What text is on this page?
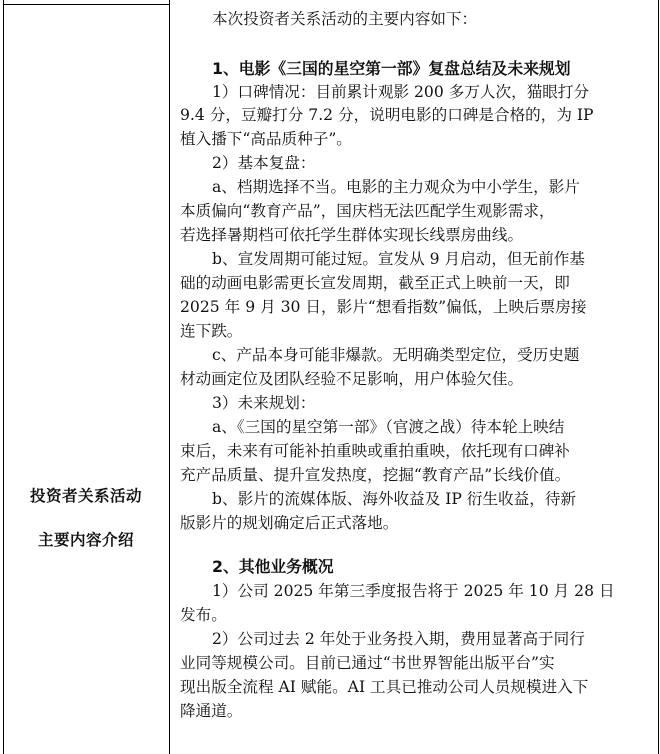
投资者关系活动
主要内容介绍
本次投资者关系活动的主要内容如下：
1、电影《三国的星空第一部》复盘总结及未来规划
1）口碑情况：目前累计观影 200 多万人次，猫眼打分
9.4 分，豆瓣打分 7.2 分，说明电影的口碑是合格的，为 IP
植入播下“高品质种子”。
2）基本复盘：
a、档期选择不当。电影的主力观众为中小学生，影片
本质偏向“教育产品”，国庆档无法匹配学生观影需求，
若选择暑期档可依托学生群体实现长线票房曲线。
b、宣发周期可能过短。宣发从 9 月启动，但无前作基
础的动画电影需更长宣发周期，截至正式上映前一天，即
2025 年 9 月 30 日，影片“想看指数”偏低，上映后票房接
连下跌。
c、产品本身可能非爆款。无明确类型定位，受历史题
材动画定位及团队经验不足影响，用户体验欠佳。
3）未来规划：
a、《三国的星空第一部》（官渡之战）待本轮上映结
束后，未来有可能补拍重映或重拍重映，依托现有口碑补
充产品质量、提升宣发热度，挖掘“教育产品”长线价值。
b、影片的流媒体版、海外收益及 IP 衍生收益，待新
版影片的规划确定后正式落地。
2、其他业务概况
1）公司 2025 年第三季度报告将于 2025 年 10 月 28 日
发布。
2）公司过去 2 年处于业务投入期，费用显著高于同行
业同等规模公司。目前已通过“书世界智能出版平台”实
现出版全流程 AI 赋能。AI 工具已推动公司人员规模进入下
降通道。
